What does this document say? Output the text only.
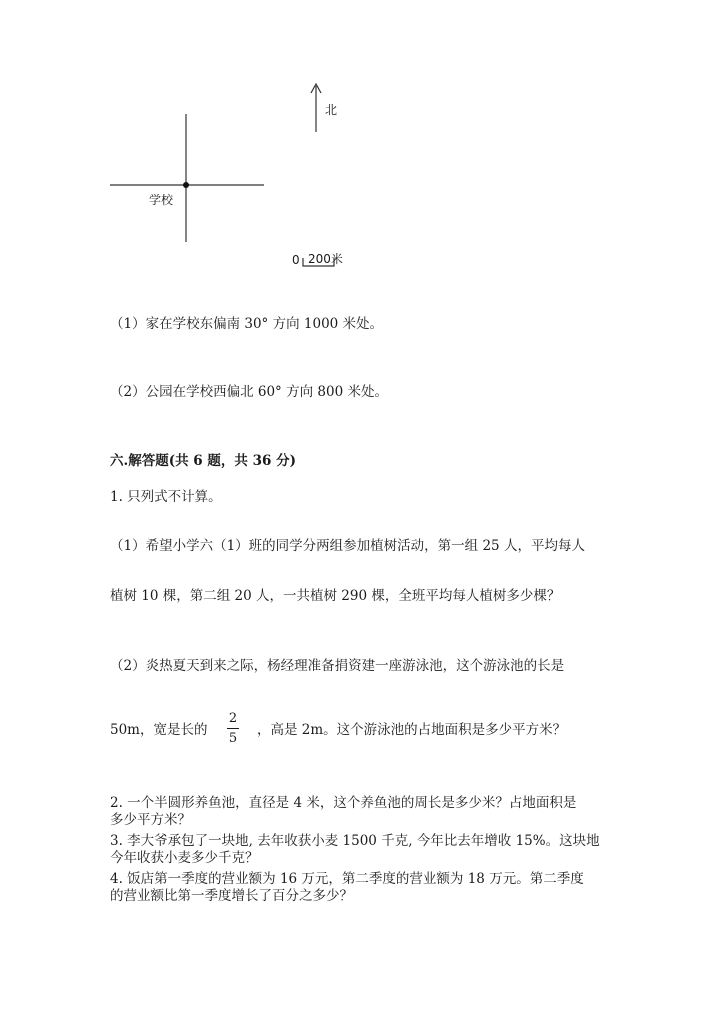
北
学校
0 200米
（1）家在学校东偏南 30° 方向 1000 米处。
（2）公园在学校西偏北 60° 方向 800 米处。
六.解答题(共 6 题，共 36 分)
1. 只列式不计算。
（1）希望小学六（1）班的同学分两组参加植树活动，第一组 25 人，平均每人
植树 10 棵，第二组 20 人，一共植树 290 棵，全班平均每人植树多少棵？
（2）炎热夏天到来之际，杨经理准备捐资建一座游泳池，这个游泳池的长是
50m，宽是长的
2
5
，高是 2m。这个游泳池的占地面积是多少平方米？
2. 一个半圆形养鱼池，直径是 4 米，这个养鱼池的周长是多少米？占地面积是
多少平方米？
3. 李大爷承包了一块地, 去年收获小麦 1500 千克, 今年比去年增收 15%。这块地
今年收获小麦多少千克？
4. 饭店第一季度的营业额为 16 万元，第二季度的营业额为 18 万元。第二季度
的营业额比第一季度增长了百分之多少？
